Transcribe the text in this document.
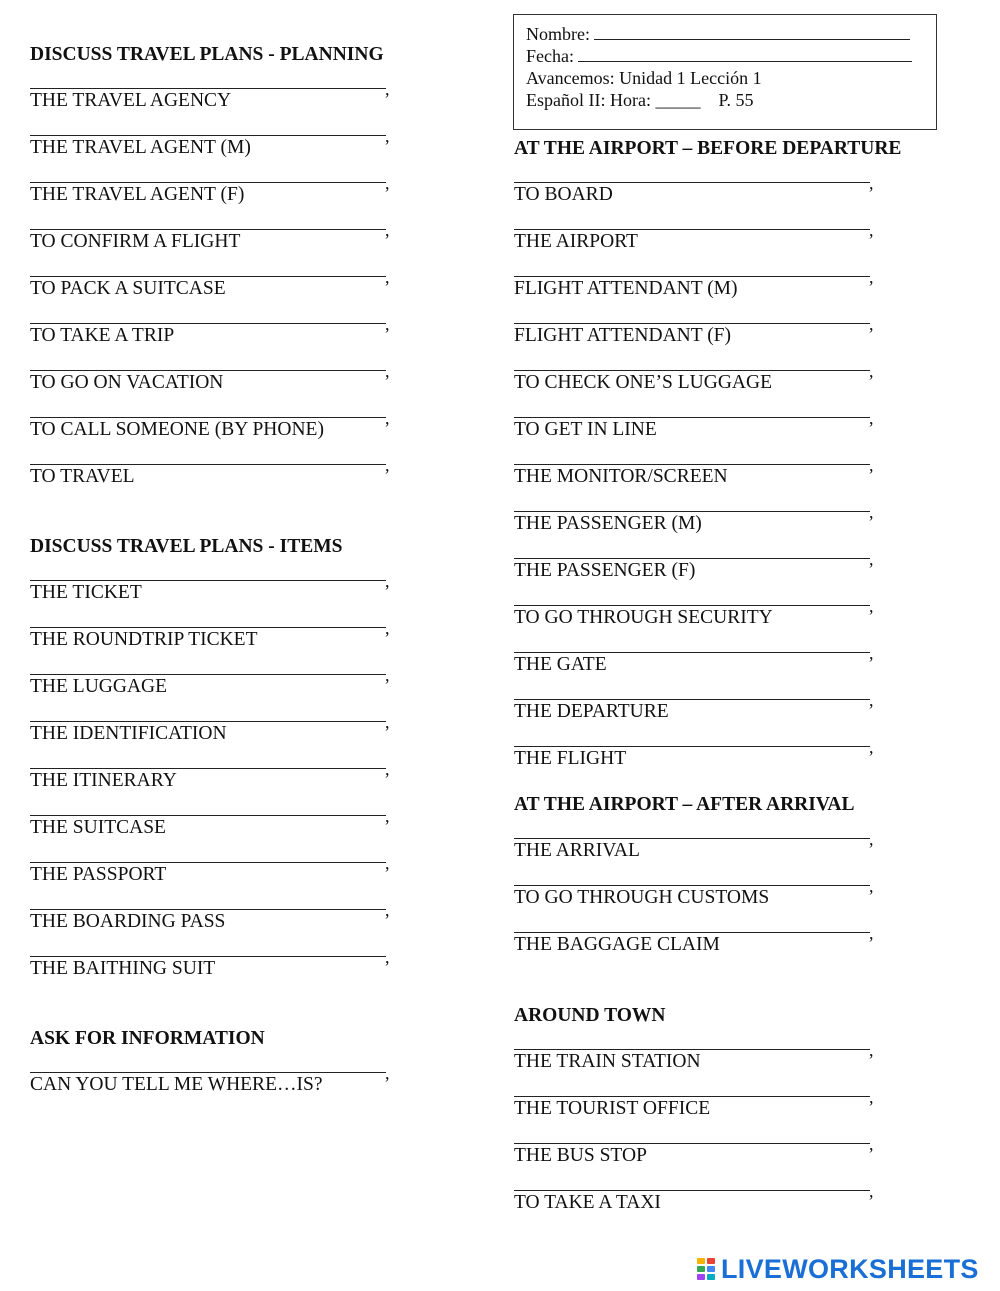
Nombre:
Fecha:
Avancemos: Unidad 1 Lección 1
Español II: Hora: _____ P. 55
DISCUSS TRAVEL PLANS - PLANNING
,
THE TRAVEL AGENCY
,
THE TRAVEL AGENT (M)
,
THE TRAVEL AGENT (F)
,
TO CONFIRM A FLIGHT
,
TO PACK A SUITCASE
,
TO TAKE A TRIP
,
TO GO ON VACATION
,
TO CALL SOMEONE (BY PHONE)
,
TO TRAVEL
DISCUSS TRAVEL PLANS - ITEMS
,
THE TICKET
,
THE ROUNDTRIP TICKET
,
THE LUGGAGE
,
THE IDENTIFICATION
,
THE ITINERARY
,
THE SUITCASE
,
THE PASSPORT
,
THE BOARDING PASS
,
THE BAITHING SUIT
ASK FOR INFORMATION
,
CAN YOU TELL ME WHERE…IS?
AT THE AIRPORT – BEFORE DEPARTURE
,
TO BOARD
,
THE AIRPORT
,
FLIGHT ATTENDANT (M)
,
FLIGHT ATTENDANT (F)
,
TO CHECK ONE’S LUGGAGE
,
TO GET IN LINE
,
THE MONITOR/SCREEN
,
THE PASSENGER (M)
,
THE PASSENGER (F)
,
TO GO THROUGH SECURITY
,
THE GATE
,
THE DEPARTURE
,
THE FLIGHT
AT THE AIRPORT – AFTER ARRIVAL
,
THE ARRIVAL
,
TO GO THROUGH CUSTOMS
,
THE BAGGAGE CLAIM
AROUND TOWN
,
THE TRAIN STATION
,
THE TOURIST OFFICE
,
THE BUS STOP
,
TO TAKE A TAXI
LIVEWORKSHEETS
